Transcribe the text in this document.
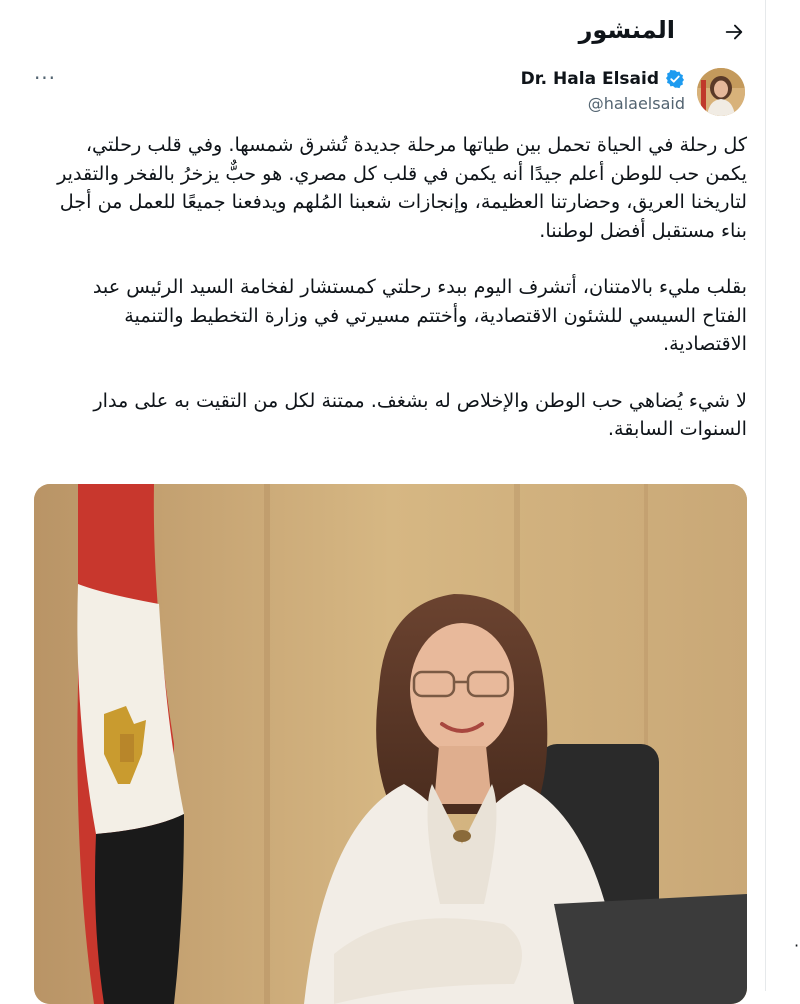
·
المنشور
···	Dr. Hala Elsaid
@halaelsaid

كل رحلة في الحياة تحمل بين طياتها مرحلة جديدة تُشرق شمسها. وفي قلب رحلتي، يكمن حب للوطن أعلم جيدًا أنه يكمن في قلب كل مصري. هو حبٌّ يزخرُ بالفخر والتقدير لتاريخنا العريق، وحضارتنا العظيمة، وإنجازات شعبنا المُلهم ويدفعنا جميعًا للعمل من أجل بناء مستقبل أفضل لوطننا.

بقلب مليء بالامتنان، أتشرف اليوم ببدء رحلتي كمستشار لفخامة السيد الرئيس عبد الفتاح السيسي للشئون الاقتصادية، وأختتم مسيرتي في وزارة التخطيط والتنمية الاقتصادية.

لا شيء يُضاهي حب الوطن والإخلاص له بشغف. ممتنة لكل من التقيت به على مدار السنوات السابقة.
